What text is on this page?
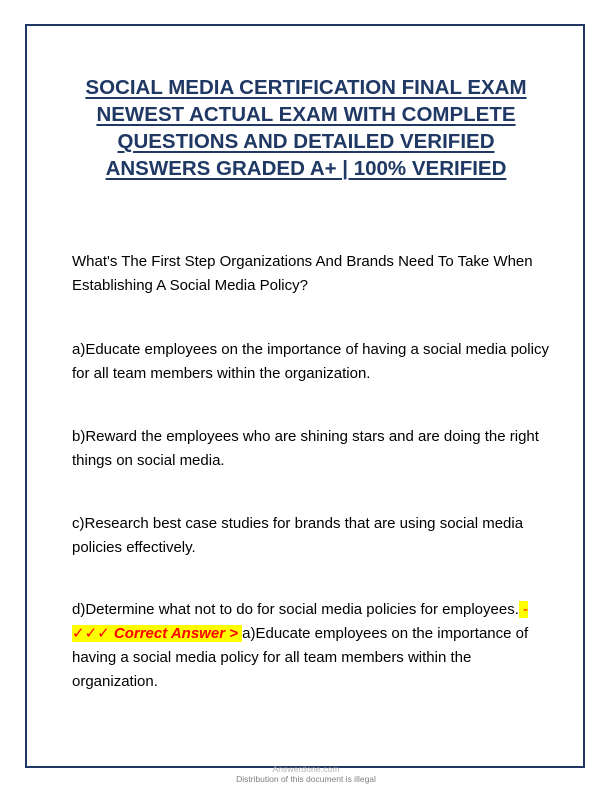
SOCIAL MEDIA CERTIFICATION FINAL EXAM
NEWEST ACTUAL EXAM WITH COMPLETE
QUESTIONS AND DETAILED VERIFIED
ANSWERS GRADED A+ | 100% VERIFIED

What's The First Step Organizations And Brands Need To Take When Establishing A Social Media Policy?

a)Educate employees on the importance of having a social media policy for all team members within the organization.

b)Reward the employees who are shining stars and are doing the right things on social media.

c)Research best case studies for brands that are using social media policies effectively.

d)Determine what not to do for social media policies for employees. - ✓✓✓ Correct Answer > a)Educate employees on the importance of having a social media policy for all team members within the organization.

Answerdone.com
Distribution of this document is illegal
